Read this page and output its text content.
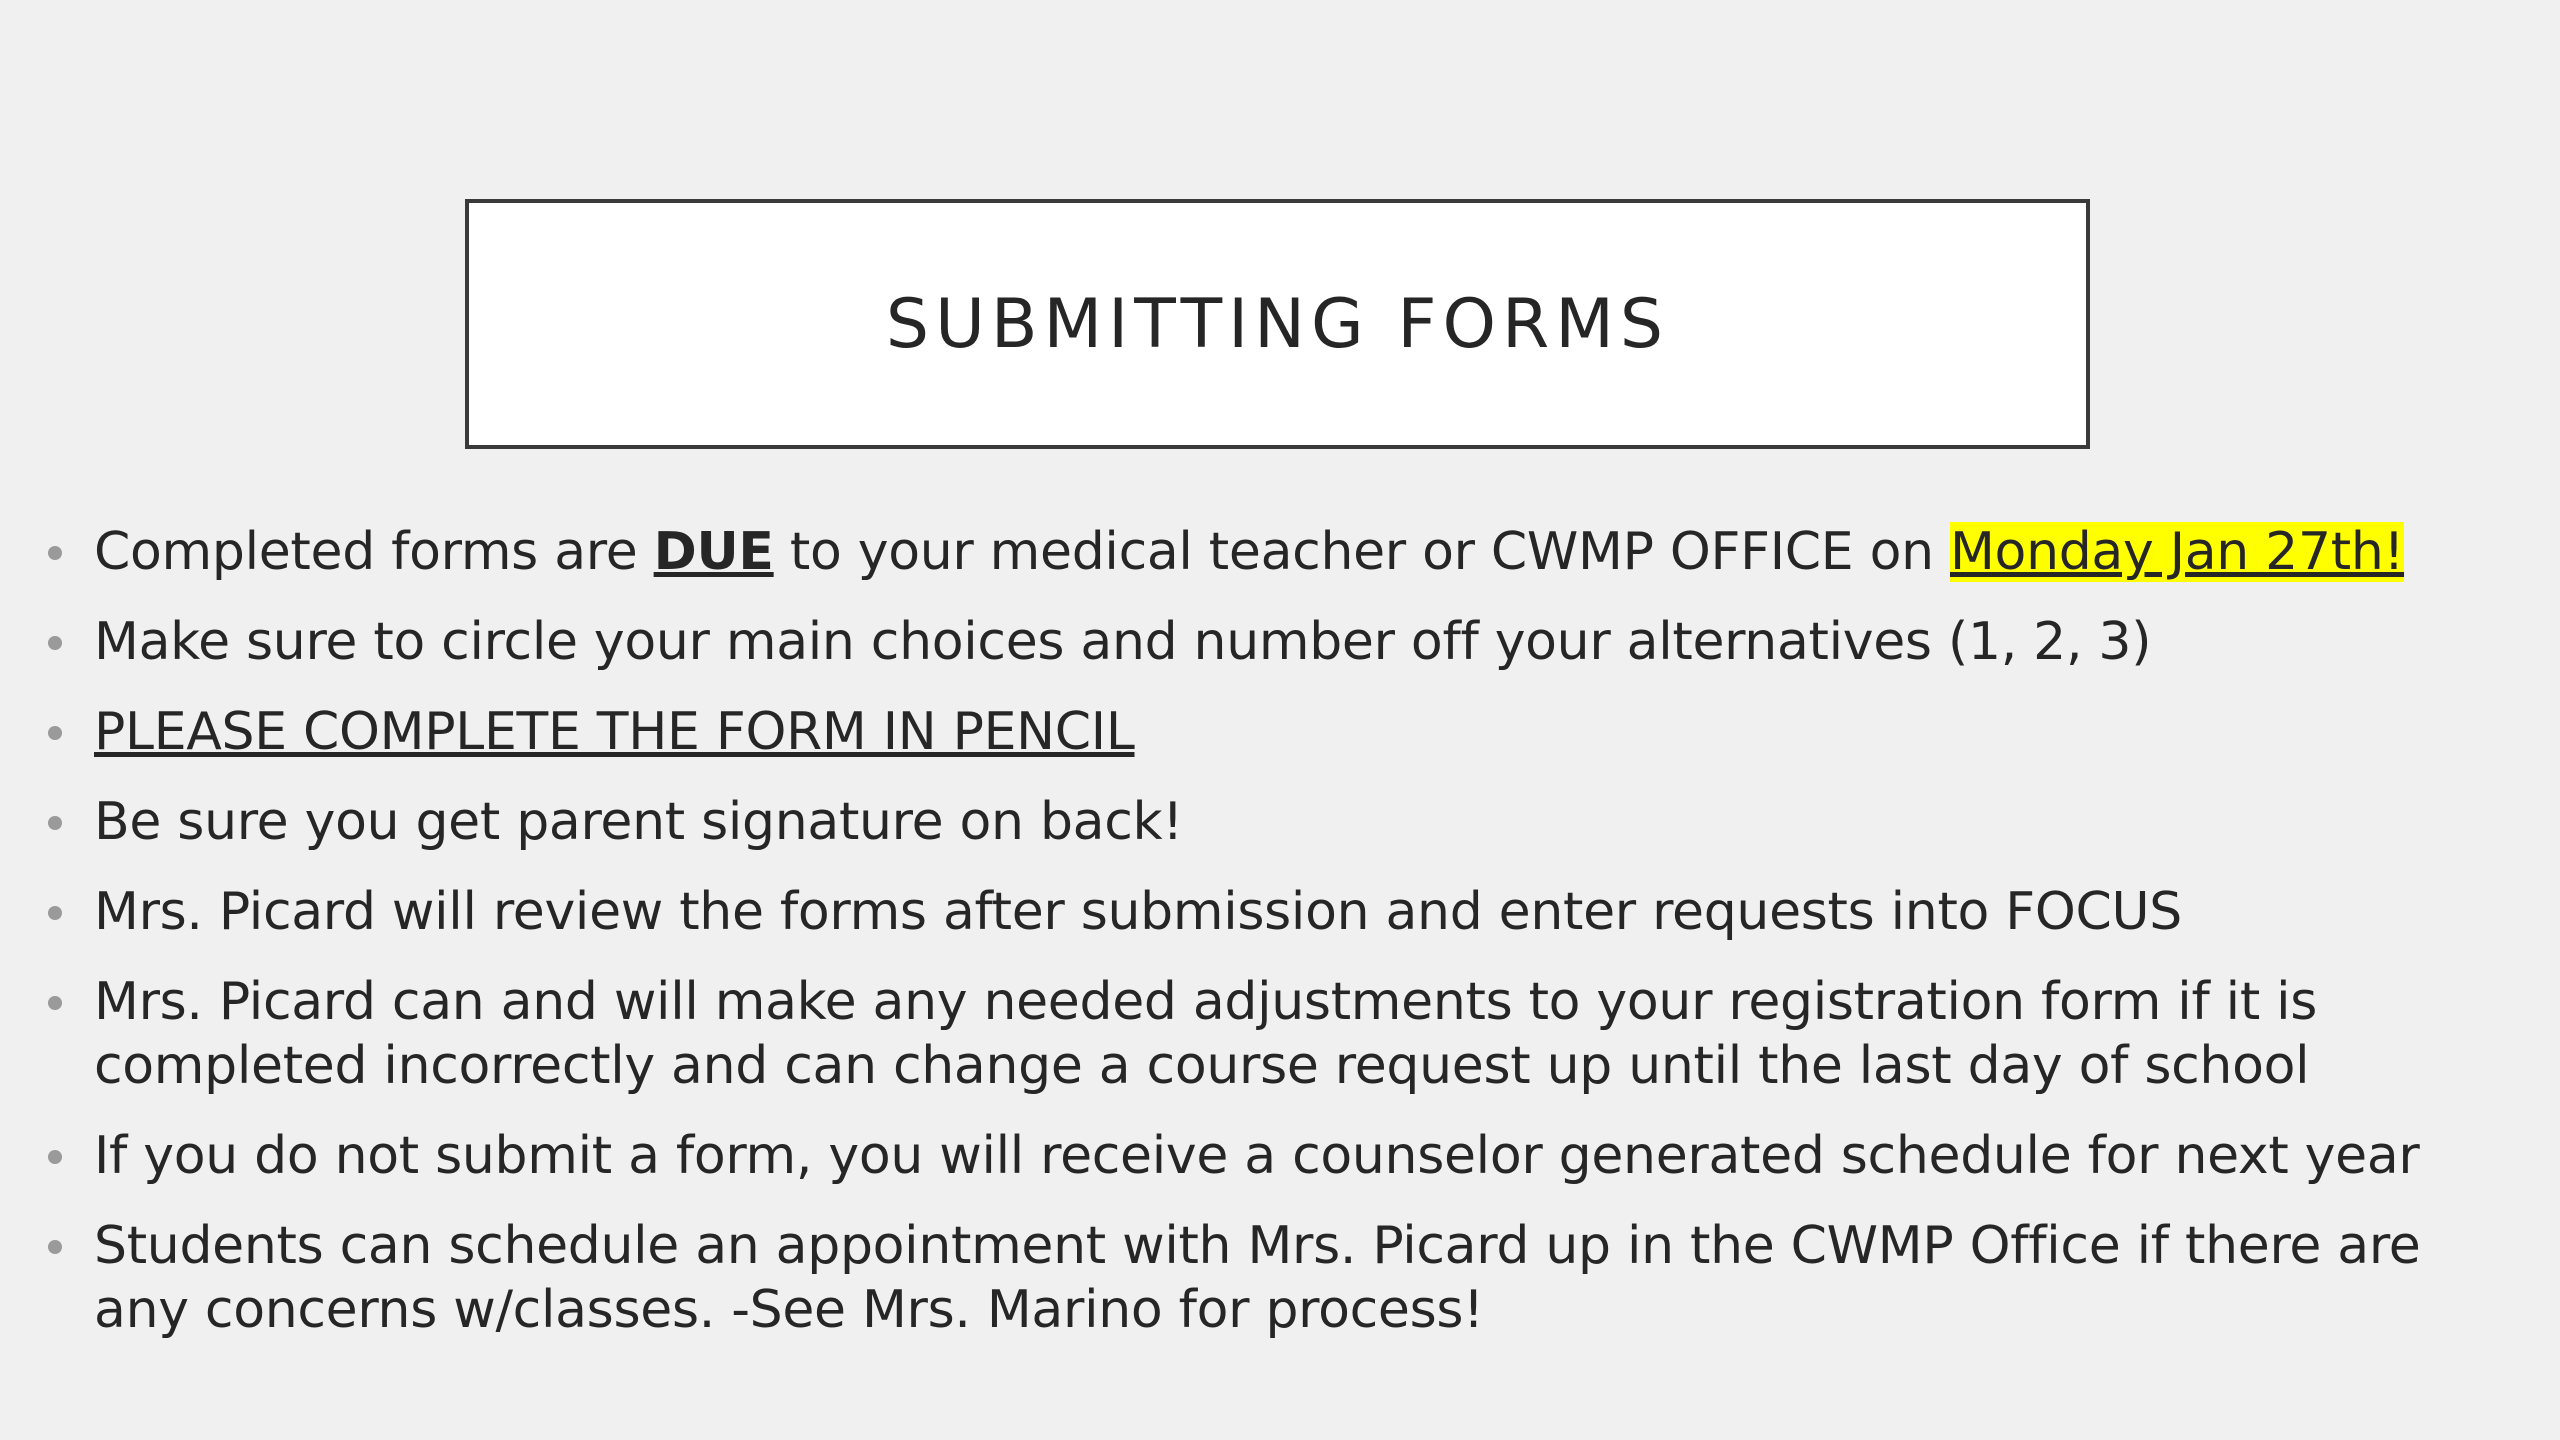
SUBMITTING FORMS
Completed forms are DUE to your medical teacher or CWMP OFFICE on Monday Jan 27th!
Make sure to circle your main choices and number off your alternatives (1, 2, 3)
PLEASE COMPLETE THE FORM IN PENCIL
Be sure you get parent signature on back!
Mrs. Picard will review the forms after submission and enter requests into FOCUS
Mrs. Picard can and will make any needed adjustments to your registration form if it is completed incorrectly and can change a course request up until the last day of school
If you do not submit a form, you will receive a counselor generated schedule for next year
Students can schedule an appointment with Mrs. Picard up in the CWMP Office if there are any concerns w/classes. -See Mrs. Marino for process!
